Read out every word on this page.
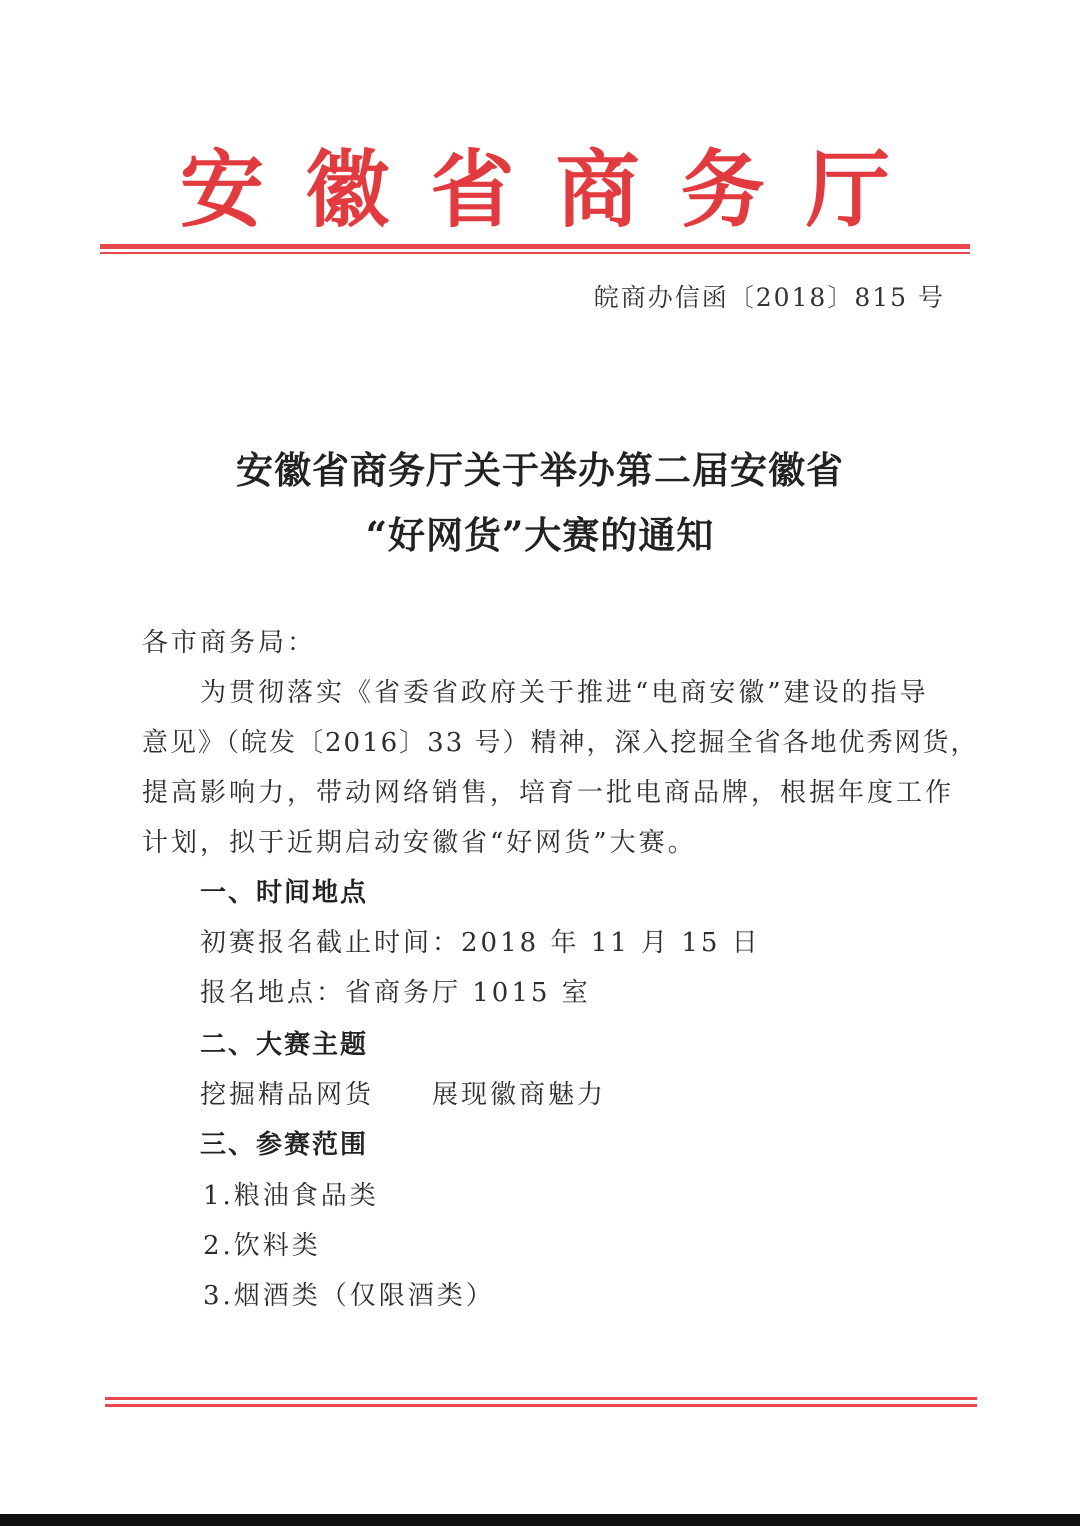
安 徽 省 商 务 厅
皖商办信函〔2018〕815 号
安徽省商务厅关于举办第二届安徽省
“好网货”大赛的通知
各市商务局：
为贯彻落实《省委省政府关于推进“电商安徽”建设的指导
意见》（皖发〔2016〕33 号）精神，深入挖掘全省各地优秀网货，
提高影响力，带动网络销售，培育一批电商品牌，根据年度工作
计划，拟于近期启动安徽省“好网货”大赛。
一、时间地点
初赛报名截止时间：2018 年 11 月 15 日
报名地点：省商务厅 1015 室
二、大赛主题
挖掘精品网货　　展现徽商魅力
三、参赛范围
1.粮油食品类
2.饮料类
3.烟酒类（仅限酒类）
